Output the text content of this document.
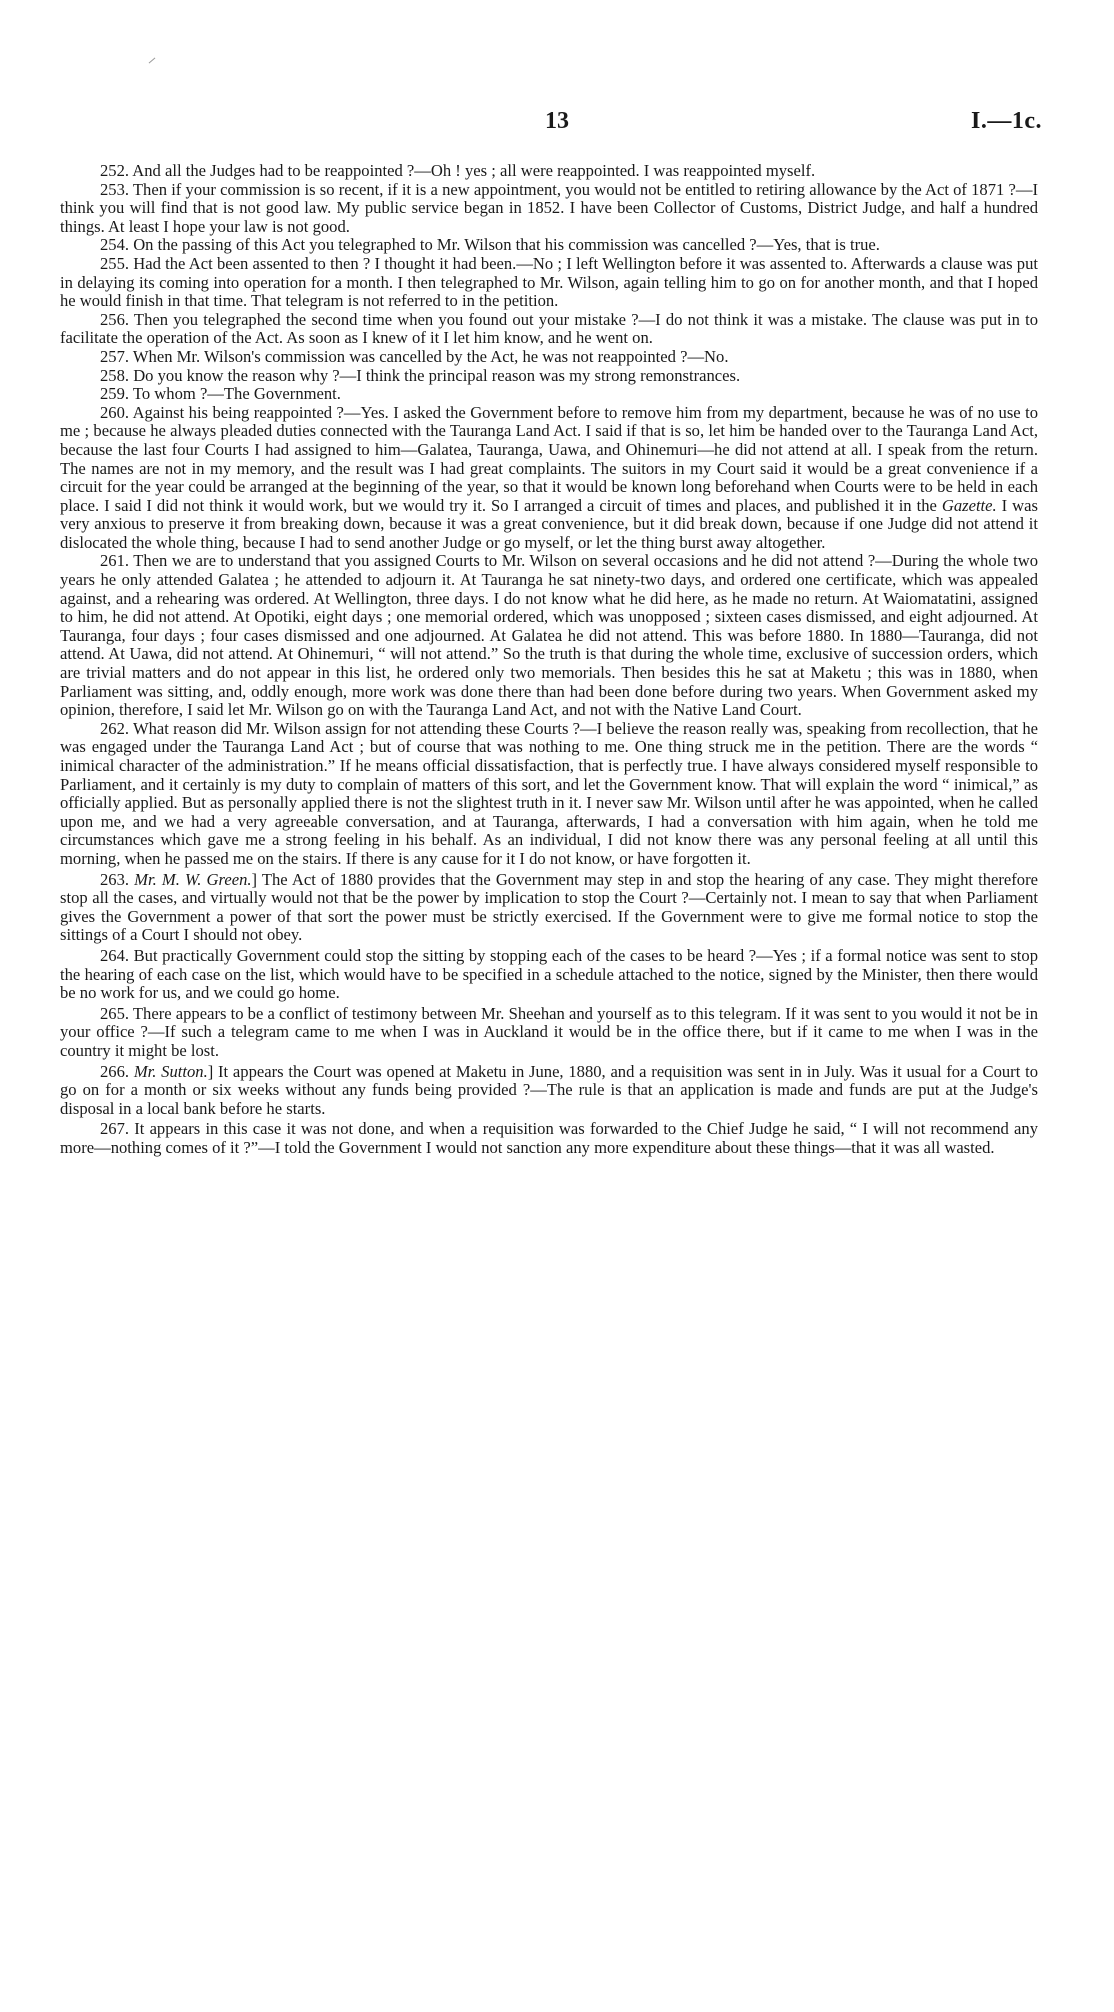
13	I.—1c.

252. And all the Judges had to be reappointed ?—Oh ! yes ; all were reappointed. I was reappointed myself.

253. Then if your commission is so recent, if it is a new appointment, you would not be entitled to retiring allowance by the Act of 1871 ?—I think you will find that is not good law. My public service began in 1852. I have been Collector of Customs, District Judge, and half a hundred things. At least I hope your law is not good.

254. On the passing of this Act you telegraphed to Mr. Wilson that his commission was cancelled ?—Yes, that is true.

255. Had the Act been assented to then ? I thought it had been.—No ; I left Wellington before it was assented to. Afterwards a clause was put in delaying its coming into operation for a month. I then telegraphed to Mr. Wilson, again telling him to go on for another month, and that I hoped he would finish in that time. That telegram is not referred to in the petition.

256. Then you telegraphed the second time when you found out your mistake ?—I do not think it was a mistake. The clause was put in to facilitate the operation of the Act. As soon as I knew of it I let him know, and he went on.

257. When Mr. Wilson's commission was cancelled by the Act, he was not reappointed ?—No.

258. Do you know the reason why ?—I think the principal reason was my strong remonstrances.

259. To whom ?—The Government.

260. Against his being reappointed ?—Yes. I asked the Government before to remove him from my department, because he was of no use to me ; because he always pleaded duties connected with the Tauranga Land Act. I said if that is so, let him be handed over to the Tauranga Land Act, because the last four Courts I had assigned to him—Galatea, Tauranga, Uawa, and Ohinemuri—he did not attend at all. I speak from the return. The names are not in my memory, and the result was I had great complaints. The suitors in my Court said it would be a great convenience if a circuit for the year could be arranged at the beginning of the year, so that it would be known long beforehand when Courts were to be held in each place. I said I did not think it would work, but we would try it. So I arranged a circuit of times and places, and published it in the Gazette. I was very anxious to preserve it from breaking down, because it was a great convenience, but it did break down, because if one Judge did not attend it dislocated the whole thing, because I had to send another Judge or go myself, or let the thing burst away altogether.

261. Then we are to understand that you assigned Courts to Mr. Wilson on several occasions and he did not attend ?—During the whole two years he only attended Galatea ; he attended to adjourn it. At Tauranga he sat ninety-two days, and ordered one certificate, which was appealed against, and a rehearing was ordered. At Wellington, three days. I do not know what he did here, as he made no return. At Waiomatatini, assigned to him, he did not attend. At Opotiki, eight days ; one memorial ordered, which was unopposed ; sixteen cases dismissed, and eight adjourned. At Tauranga, four days ; four cases dismissed and one adjourned. At Galatea he did not attend. This was before 1880. In 1880—Tauranga, did not attend. At Uawa, did not attend. At Ohinemuri, “ will not attend.” So the truth is that during the whole time, exclusive of succession orders, which are trivial matters and do not appear in this list, he ordered only two memorials. Then besides this he sat at Maketu ; this was in 1880, when Parliament was sitting, and, oddly enough, more work was done there than had been done before during two years. When Government asked my opinion, therefore, I said let Mr. Wilson go on with the Tauranga Land Act, and not with the Native Land Court.

262. What reason did Mr. Wilson assign for not attending these Courts ?—I believe the reason really was, speaking from recollection, that he was engaged under the Tauranga Land Act ; but of course that was nothing to me. One thing struck me in the petition. There are the words “ inimical character of the administration.” If he means official dissatisfaction, that is perfectly true. I have always considered myself responsible to Parliament, and it certainly is my duty to complain of matters of this sort, and let the Government know. That will explain the word “ inimical,” as officially applied. But as personally applied there is not the slightest truth in it. I never saw Mr. Wilson until after he was appointed, when he called upon me, and we had a very agreeable conversation, and at Tauranga, afterwards, I had a conversation with him again, when he told me circumstances which gave me a strong feeling in his behalf. As an individual, I did not know there was any personal feeling at all until this morning, when he passed me on the stairs. If there is any cause for it I do not know, or have forgotten it.

263. Mr. M. W. Green.] The Act of 1880 provides that the Government may step in and stop the hearing of any case. They might therefore stop all the cases, and virtually would not that be the power by implication to stop the Court ?—Certainly not. I mean to say that when Parliament gives the Government a power of that sort the power must be strictly exercised. If the Government were to give me formal notice to stop the sittings of a Court I should not obey.

264. But practically Government could stop the sitting by stopping each of the cases to be heard ?—Yes ; if a formal notice was sent to stop the hearing of each case on the list, which would have to be specified in a schedule attached to the notice, signed by the Minister, then there would be no work for us, and we could go home.

265. There appears to be a conflict of testimony between Mr. Sheehan and yourself as to this telegram. If it was sent to you would it not be in your office ?—If such a telegram came to me when I was in Auckland it would be in the office there, but if it came to me when I was in the country it might be lost.

266. Mr. Sutton.] It appears the Court was opened at Maketu in June, 1880, and a requisition was sent in in July. Was it usual for a Court to go on for a month or six weeks without any funds being provided ?—The rule is that an application is made and funds are put at the Judge's disposal in a local bank before he starts.

267. It appears in this case it was not done, and when a requisition was forwarded to the Chief Judge he said, “ I will not recommend any more—nothing comes of it ?”—I told the Government I would not sanction any more expenditure about these things—that it was all wasted.
